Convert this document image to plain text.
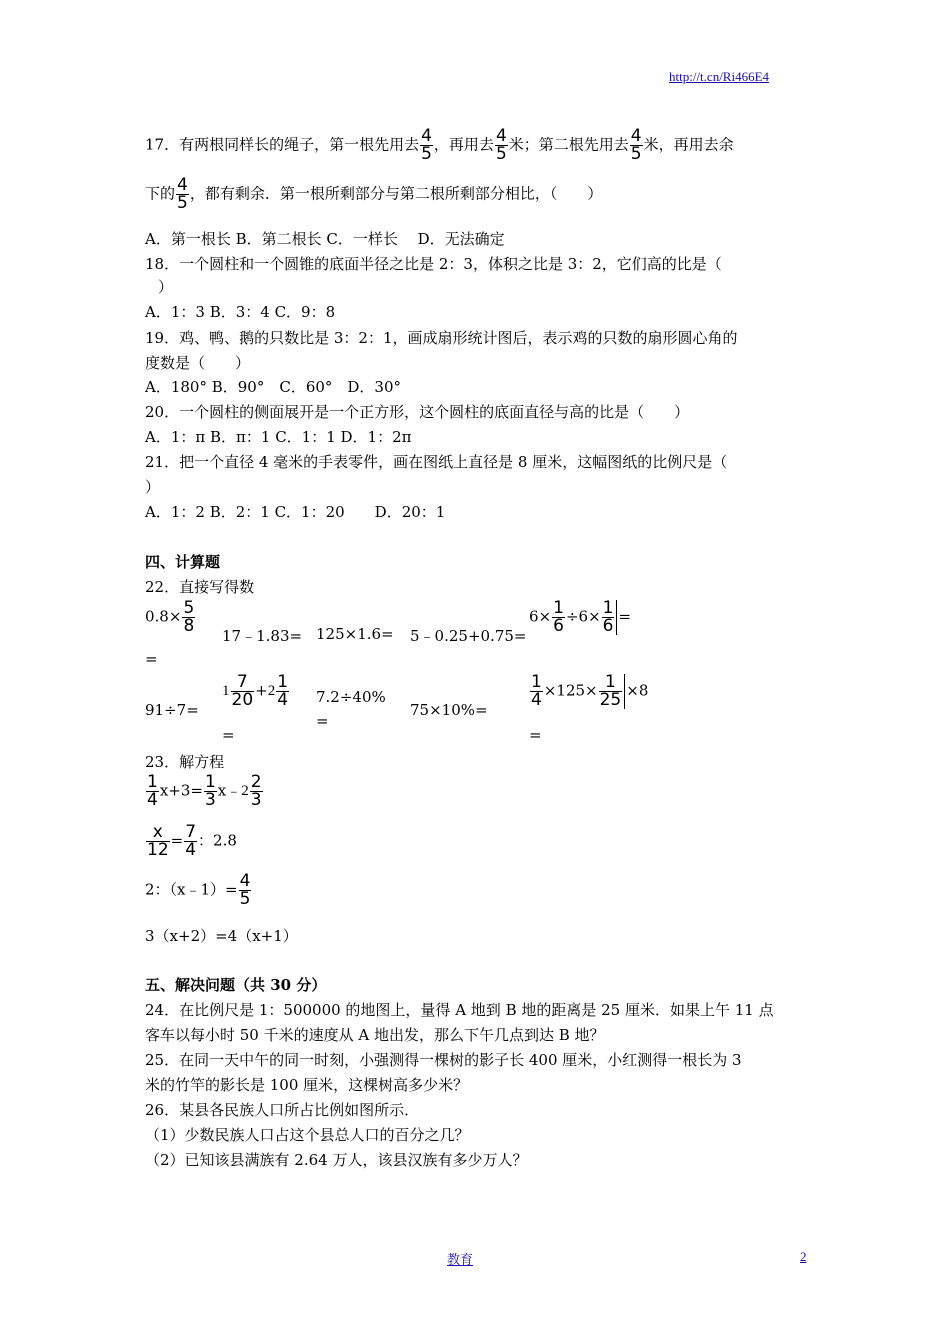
http://t.cn/Ri466E4
17．有两根同样长的绳子，第一根先用去 $\frac{4}{5}$ ，再用去 $\frac{4}{5}$ 米；第二根先用去 $\frac{4}{5}$ 米，再用去余
下的 $\frac{4}{5}$ ，都有剩余．第一根所剩部分与第二根所剩部分相比，（　　）
A．第一根长 B．第二根长 C．一样长　 D．无法确定
18．一个圆柱和一个圆锥的底面半径之比是 2：3，体积之比是 3：2，它们高的比是（
）
A．1：3 B．3：4 C．9：8
19．鸡、鸭、鹅的只数比是 3：2：1，画成扇形统计图后，表示鸡的只数的扇形圆心角的
度数是（　　）
A．180° B．90°　C．60°　D．30°
20．一个圆柱的侧面展开是一个正方形，这个圆柱的底面直径与高的比是（　　）
A．1：π B．π：1 C．1：1 D．1：2π
21．把一个直径 4 毫米的手表零件，画在图纸上直径是 8 厘米，这幅图纸的比例尺是（
）
A．1：2 B．2：1 C．1：20　　D．20：1
四、计算题
22．直接写得数
$0.8\times \frac{5}{8}$
=
17﹣1.83= 125×1.6= 5﹣0.25+0.75=
$6\times \frac{1}{6} \div 6\times \frac{1}{6}$ =
91÷7=
$1 \frac{7}{20} + 2 \frac{1}{4}$
=
7.2÷40%
=
75×10%=
$\frac{1}{4} \times 125\times \frac{1}{25} \times 8$
=
23．解方程
$\frac{1}{4} x+3= \frac{1}{3}$ x﹣ $2 \frac{2}{3}$
$\frac{x}{12} = \frac{7}{4}$ ：2.8
2：（x﹣1）= $\frac{4}{5}$
3（x+2）=4（x+1）
五、解决问题（共 30 分）
24．在比例尺是 1：500000 的地图上，量得 A 地到 B 地的距离是 25 厘米．如果上午 11 点
客车以每小时 50 千米的速度从 A 地出发，那么下午几点到达 B 地？
25．在同一天中午的同一时刻，小强测得一棵树的影子长 400 厘米，小红测得一根长为 3
米的竹竿的影长是 100 厘米，这棵树高多少米？
26．某县各民族人口所占比例如图所示．
（1）少数民族人口占这个县总人口的百分之几？
（2）已知该县满族有 2.64 万人，该县汉族有多少万人？
教育	2
